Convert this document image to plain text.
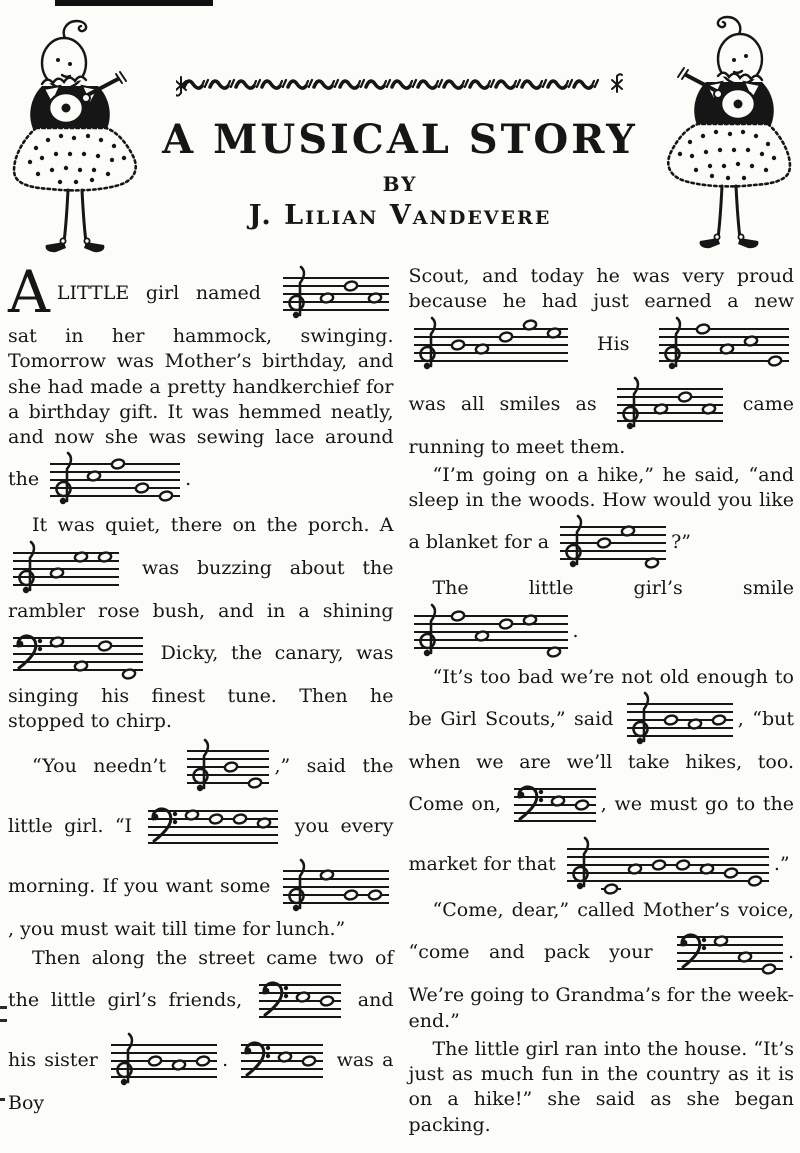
A MUSICAL STORY
BY
J. Lilian Vandevere

ALITTLE girl named
sat in her hammock, swinging. Tomorrow was Mother’s birthday, and she had made a pretty handkerchief for a birthday gift. It was hemmed neatly, and now she was sewing lace around the	.

It was quiet, there on the porch. A
was buzzing about the rambler rose bush, and in a shining
Dicky, the canary, was singing his finest tune. Then he stopped to chirp.

“You needn’t	,” said the little girl. “I	you every morning. If you want some
, you must wait till time for lunch.”

Then along the street came two of the little girl’s friends,	and his sister	.	was a Boy

Scout, and today he was very proud because he had just earned a new
His
was all smiles as	came running to meet them.

“I’m going on a hike,” he said, “and sleep in the woods. How would you like a blanket for a	?”

The little girl’s smile
.

“It’s too bad we’re not old enough to be Girl Scouts,” said	, “but when we are we’ll take hikes, too. Come on,	, we must go to the market for that	.”

“Come, dear,” called Mother’s voice, “come and pack your	. We’re going to Grandma’s for the week-end.”

The little girl ran into the house. “It’s just as much fun in the country as it is on a hike!” she said as she began packing.
